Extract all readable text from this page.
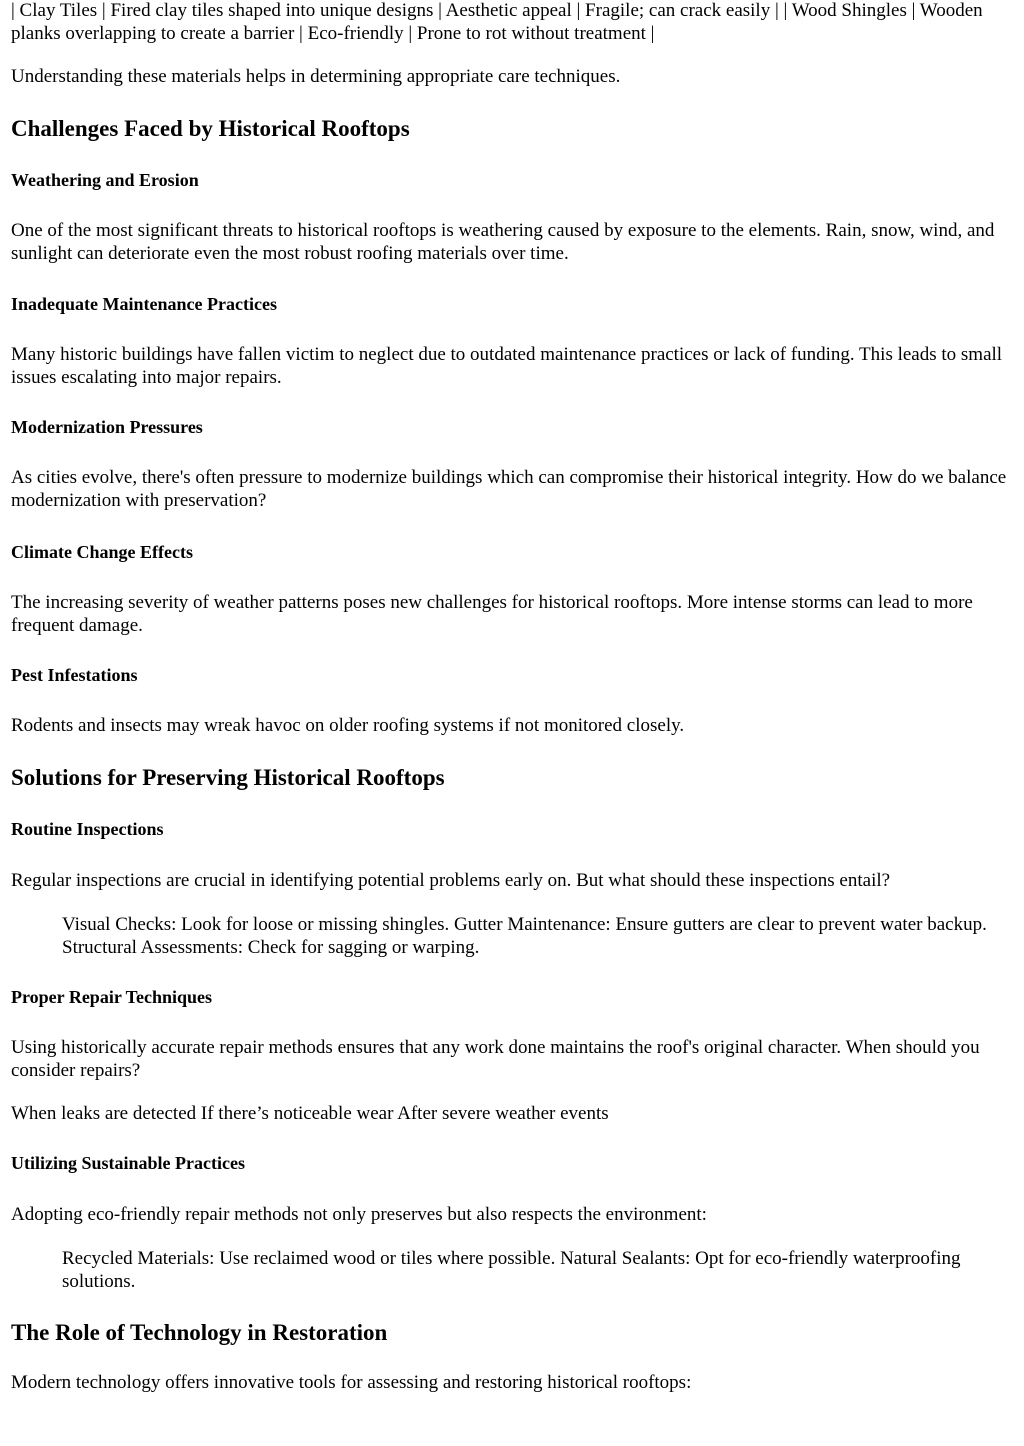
| Clay Tiles | Fired clay tiles shaped into unique designs | Aesthetic appeal | Fragile; can crack easily | | Wood Shingles | Wooden planks overlapping to create a barrier | Eco-friendly | Prone to rot without treatment |

Understanding these materials helps in determining appropriate care techniques.

Challenges Faced by Historical Rooftops
Weathering and Erosion

One of the most significant threats to historical rooftops is weathering caused by exposure to the elements. Rain, snow, wind, and sunlight can deteriorate even the most robust roofing materials over time.

Inadequate Maintenance Practices

Many historic buildings have fallen victim to neglect due to outdated maintenance practices or lack of funding. This leads to small issues escalating into major repairs.

Modernization Pressures

As cities evolve, there's often pressure to modernize buildings which can compromise their historical integrity. How do we balance modernization with preservation?

Climate Change Effects

The increasing severity of weather patterns poses new challenges for historical rooftops. More intense storms can lead to more frequent damage.

Pest Infestations

Rodents and insects may wreak havoc on older roofing systems if not monitored closely.

Solutions for Preserving Historical Rooftops
Routine Inspections

Regular inspections are crucial in identifying potential problems early on. But what should these inspections entail?

Visual Checks: Look for loose or missing shingles. Gutter Maintenance: Ensure gutters are clear to prevent water backup. Structural Assessments: Check for sagging or warping.
Proper Repair Techniques

Using historically accurate repair methods ensures that any work done maintains the roof's original character. When should you consider repairs?

When leaks are detected If there’s noticeable wear After severe weather events

Utilizing Sustainable Practices

Adopting eco-friendly repair methods not only preserves but also respects the environment:

Recycled Materials: Use reclaimed wood or tiles where possible. Natural Sealants: Opt for eco-friendly waterproofing solutions.
The Role of Technology in Restoration

Modern technology offers innovative tools for assessing and restoring historical rooftops:
